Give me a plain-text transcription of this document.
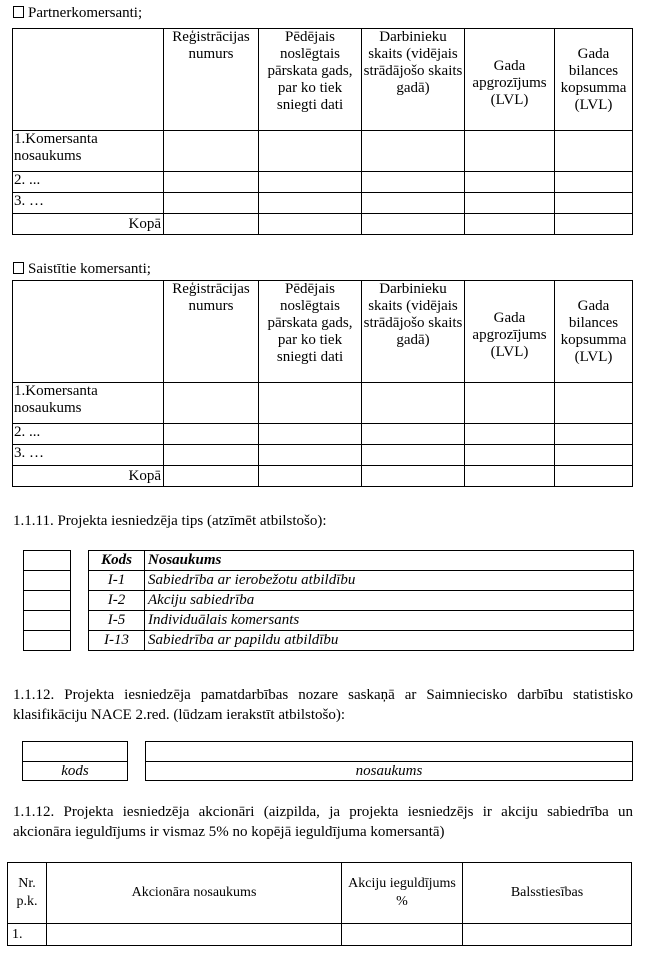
Partnerkomersanti;
	Reģistrācijas numurs	Pēdējais noslēgtais pārskata gads, par ko tiek sniegti dati	Darbinieku skaits (vidējais strādājošo skaits gadā)	Gada apgrozījums (LVL)	Gada bilances kopsumma (LVL)
1.Komersanta nosaukums					
2. ...					
3. …					
Kopā					
Saistītie komersanti;
	Reģistrācijas numurs	Pēdējais noslēgtais pārskata gads, par ko tiek sniegti dati	Darbinieku skaits (vidējais strādājošo skaits gadā)	Gada apgrozījums (LVL)	Gada bilances kopsumma (LVL)
1.Komersanta nosaukums					
2. ...					
3. …					
Kopā					
1.1.11. Projekta iesniedzēja tips (atzīmēt atbilstošo):

Kods	Nosaukums
I-1	Sabiedrība ar ierobežotu atbildību
I-2	Akciju sabiedrība
I-5	Individuālais komersants
I-13	Sabiedrība ar papildu atbildību
1.1.12. Projekta iesniedzēja pamatdarbības nozare saskaņā ar Saimniecisko darbību statistisko klasifikāciju NACE 2.red. (lūdzam ierakstīt atbilstošo):

kods	nosaukums
1.1.12. Projekta iesniedzēja akcionāri (aizpilda, ja projekta iesniedzējs ir akciju sabiedrība un akcionāra ieguldījums ir vismaz 5% no kopējā ieguldījuma komersantā)
Nr. p.k.	Akcionāra nosaukums	Akciju ieguldījums %	Balsstiesības
1.			
